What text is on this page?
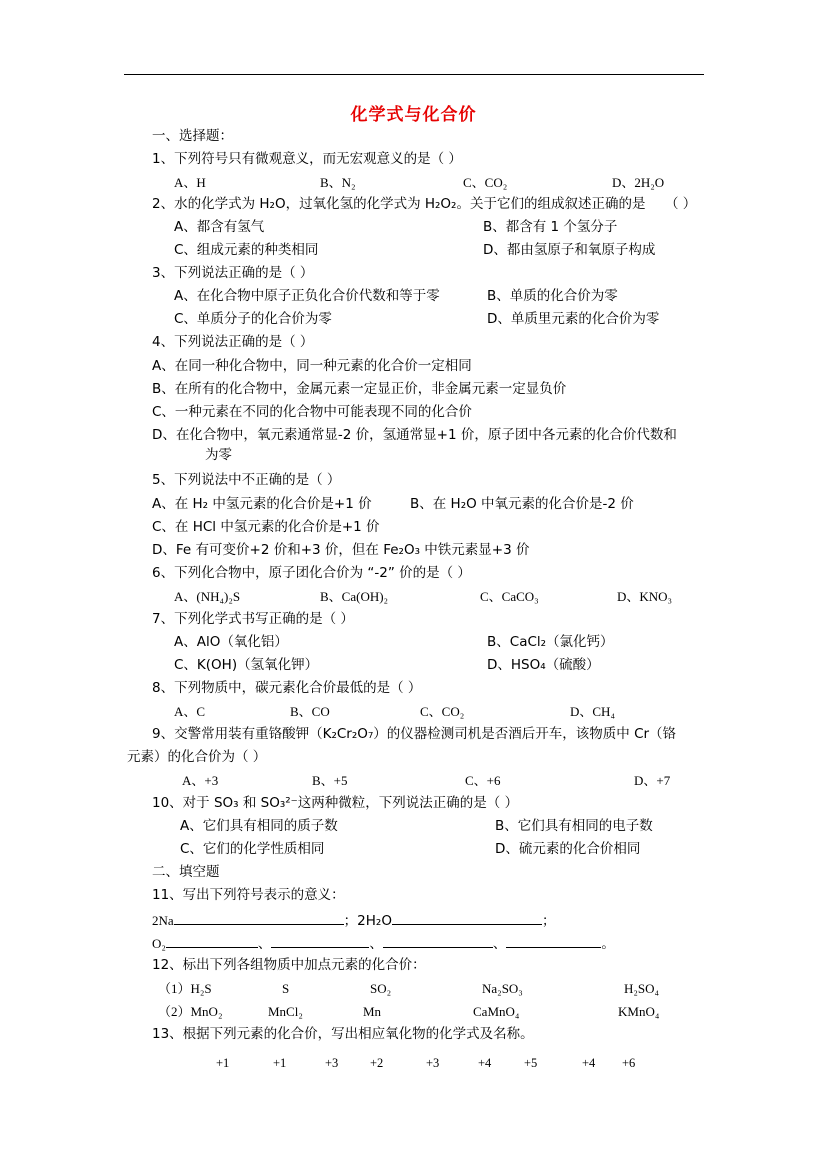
化学式与化合价
一、选择题：
1、下列符号只有微观意义，而无宏观意义的是（ ）
A、H	B、N₂	C、CO₂	D、2H₂O
2、水的化学式为 H₂O，过氧化氢的化学式为 H₂O₂。关于它们的组成叙述正确的是 （ ）
A、都含有氢气	B、都含有 1 个氢分子
C、组成元素的种类相同	D、都由氢原子和氧原子构成
3、下列说法正确的是（ ）
A、在化合物中原子正负化合价代数和等于零	B、单质的化合价为零
C、单质分子的化合价为零	D、单质里元素的化合价为零
4、下列说法正确的是（ ）
A、在同一种化合物中，同一种元素的化合价一定相同
B、在所有的化合物中，金属元素一定显正价，非金属元素一定显负价
C、一种元素在不同的化合物中可能表现不同的化合价
D、在化合物中，氧元素通常显-2 价，氢通常显+1 价，原子团中各元素的化合价代数和
为零
5、下列说法中不正确的是（ ）
A、在 H₂ 中氢元素的化合价是+1 价	B、在 H₂O 中氧元素的化合价是-2 价
C、在 HCl 中氢元素的化合价是+1 价
D、Fe 有可变价+2 价和+3 价，但在 Fe₂O₃ 中铁元素显+3 价
6、下列化合物中，原子团化合价为 “-2” 价的是（ ）
A、(NH₄)₂S	B、Ca(OH)₂	C、CaCO₃	D、KNO₃
7、下列化学式书写正确的是（ ）
A、AlO（氧化铝）	B、CaCl₂（氯化钙）
C、K(OH)（氢氧化钾）	D、HSO₄（硫酸）
8、下列物质中，碳元素化合价最低的是（ ）
A、C	B、CO	C、CO₂	D、CH₄
9、交警常用装有重铬酸钾（K₂Cr₂O₇）的仪器检测司机是否酒后开车，该物质中 Cr（铬
元素）的化合价为（ ）
A、+3	B、+5	C、+6	D、+7
10、对于 SO₃ 和 SO₃²⁻这两种微粒，下列说法正确的是（ ）
A、它们具有相同的质子数	B、它们具有相同的电子数
C、它们的化学性质相同	D、硫元素的化合价相同
二、填空题
11、写出下列符号表示的意义：
2Na	；2H₂O	；
O₂	、	、	、	。
12、标出下列各组物质中加点元素的化合价：
（1）H₂S	S	SO₂	Na₂SO₃	H₂SO₄
（2）MnO₂	MnCl₂	Mn	CaMnO₄	KMnO₄
13、根据下列元素的化合价，写出相应氧化物的化学式及名称。
+1	+1	+3	+2	+3	+4	+5	+4 +6
